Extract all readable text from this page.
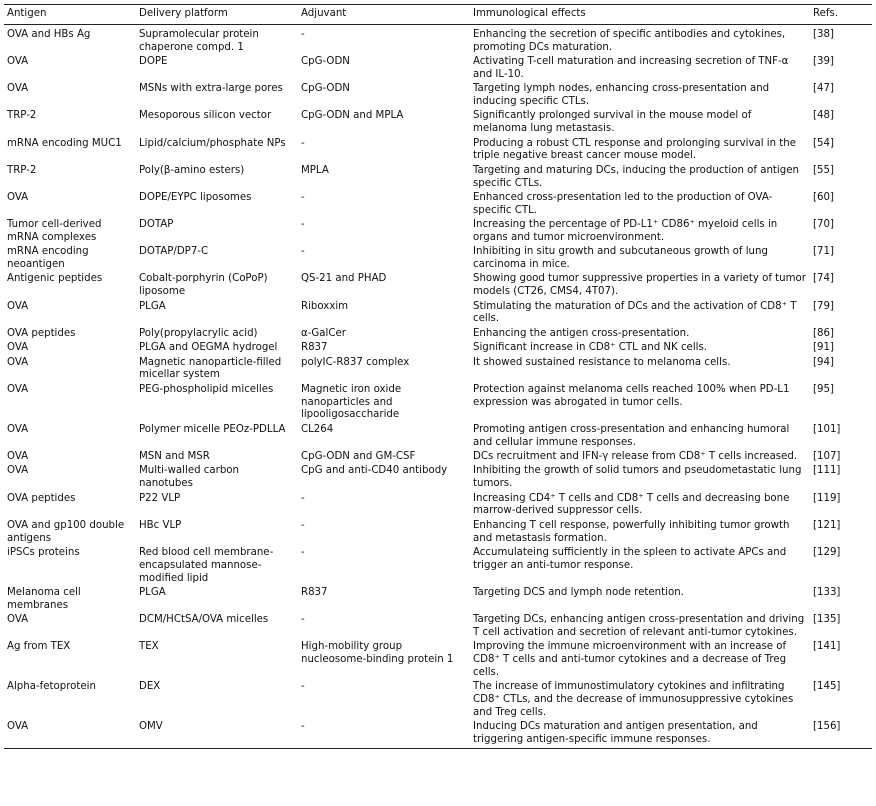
Antigen	Delivery platform	Adjuvant	Immunological effects	Refs.
OVA and HBs Ag	Supramolecular protein chaperone compd. 1	-	Enhancing the secretion of specific antibodies and cytokines, promoting DCs maturation.	[38]
OVA	DOPE	CpG-ODN	Activating T-cell maturation and increasing secretion of TNF-α and IL-10.	[39]
OVA	MSNs with extra-large pores	CpG-ODN	Targeting lymph nodes, enhancing cross-presentation and inducing specific CTLs.	[47]
TRP-2	Mesoporous silicon vector	CpG-ODN and MPLA	Significantly prolonged survival in the mouse model of melanoma lung metastasis.	[48]
mRNA encoding MUC1	Lipid/calcium/phosphate NPs	-	Producing a robust CTL response and prolonging survival in the triple negative breast cancer mouse model.	[54]
TRP-2	Poly(β-amino esters)	MPLA	Targeting and maturing DCs, inducing the production of antigen specific CTLs.	[55]
OVA	DOPE/EYPC liposomes	-	Enhanced cross-presentation led to the production of OVA-specific CTL.	[60]
Tumor cell-derived mRNA complexes	DOTAP	-	Increasing the percentage of PD-L1⁺ CD86⁺ myeloid cells in organs and tumor microenvironment.	[70]
mRNA encoding neoantigen	DOTAP/DP7-C	-	Inhibiting in situ growth and subcutaneous growth of lung carcinoma in mice.	[71]
Antigenic peptides	Cobalt-porphyrin (CoPoP) liposome	QS-21 and PHAD	Showing good tumor suppressive properties in a variety of tumor models (CT26, CMS4, 4T07).	[74]
OVA	PLGA	Riboxxim	Stimulating the maturation of DCs and the activation of CD8⁺ T cells.	[79]
OVA peptides	Poly(propylacrylic acid)	α-GalCer	Enhancing the antigen cross-presentation.	[86]
OVA	PLGA and OEGMA hydrogel	R837	Significant increase in CD8⁺ CTL and NK cells.	[91]
OVA	Magnetic nanoparticle-filled micellar system	polyIC-R837 complex	It showed sustained resistance to melanoma cells.	[94]
OVA	PEG-phospholipid micelles	Magnetic iron oxide nanoparticles and lipooligosaccharide	Protection against melanoma cells reached 100% when PD-L1 expression was abrogated in tumor cells.	[95]
OVA	Polymer micelle PEOz-PDLLA	CL264	Promoting antigen cross-presentation and enhancing humoral and cellular immune responses.	[101]
OVA	MSN and MSR	CpG-ODN and GM-CSF	DCs recruitment and IFN-γ release from CD8⁺ T cells increased.	[107]
OVA	Multi-walled carbon nanotubes	CpG and anti-CD40 antibody	Inhibiting the growth of solid tumors and pseudometastatic lung tumors.	[111]
OVA peptides	P22 VLP	-	Increasing CD4⁺ T cells and CD8⁺ T cells and decreasing bone marrow-derived suppressor cells.	[119]
OVA and gp100 double antigens	HBc VLP	-	Enhancing T cell response, powerfully inhibiting tumor growth and metastasis formation.	[121]
iPSCs proteins	Red blood cell membrane-encapsulated mannose-modified lipid	-	Accumulateing sufficiently in the spleen to activate APCs and trigger an anti-tumor response.	[129]
Melanoma cell membranes	PLGA	R837	Targeting DCS and lymph node retention.	[133]
OVA	DCM/HCtSA/OVA micelles	-	Targeting DCs, enhancing antigen cross-presentation and driving T cell activation and secretion of relevant anti-tumor cytokines.	[135]
Ag from TEX	TEX	High-mobility group nucleosome-binding protein 1	Improving the immune microenvironment with an increase of CD8⁺ T cells and anti-tumor cytokines and a decrease of Treg cells.	[141]
Alpha-fetoprotein	DEX	-	The increase of immunostimulatory cytokines and infiltrating CD8⁺ CTLs, and the decrease of immunosuppressive cytokines and Treg cells.	[145]
OVA	OMV	-	Inducing DCs maturation and antigen presentation, and triggering antigen-specific immune responses.	[156]
